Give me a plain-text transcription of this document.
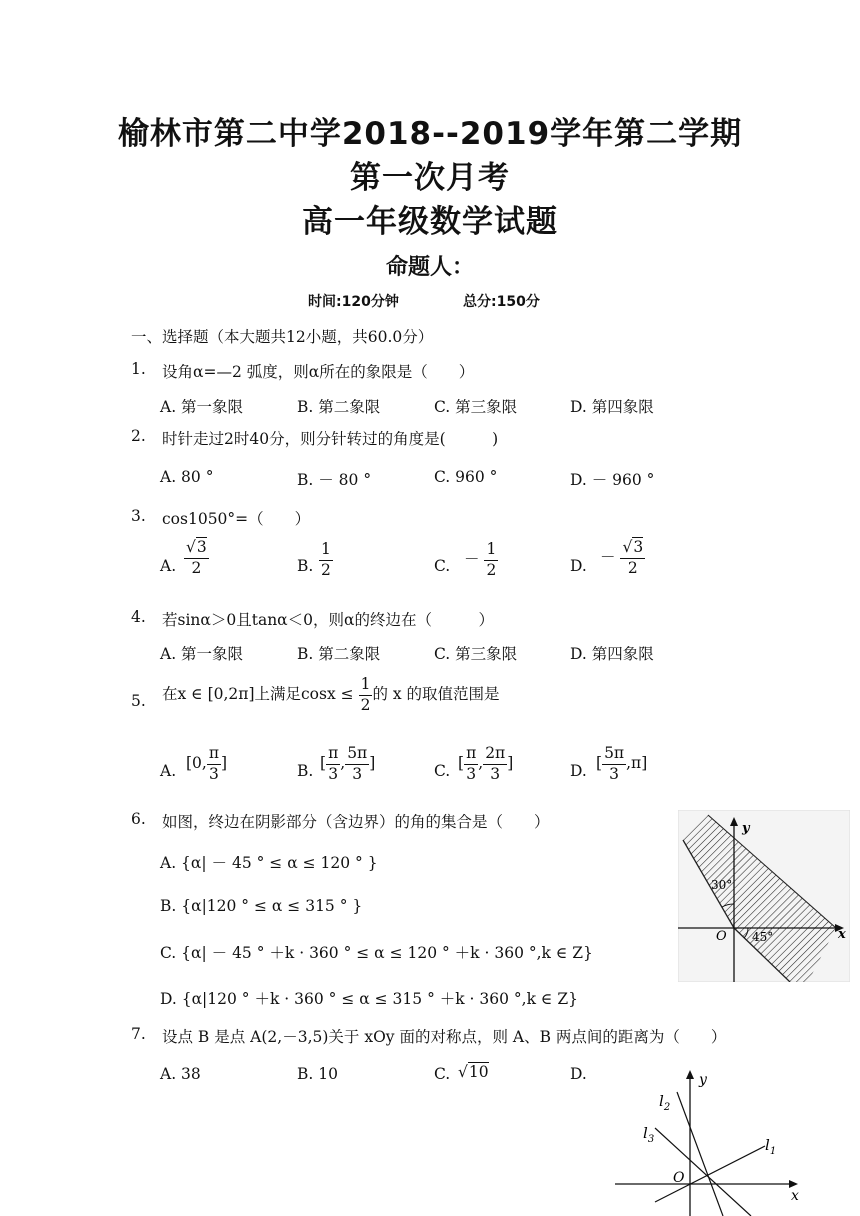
榆林市第二中学2018--2019学年第二学期
第一次月考
高一年级数学试题
命题人：
时间:120分钟	总分:150分
一、选择题（本大题共12小题，共60.0分）
1. 设角α=—2 弧度，则α所在的象限是（　　）
A. 第一象限	B. 第二象限	C. 第三象限	D. 第四象限
2. 时针走过2时40分，则分针转过的角度是(　　　)
A. 80 °	B. － 80 °	C. 960 °	D. － 960 °
3. cos1050°=（　　）
A. $\frac{√3}{2}$	B. $\frac{1}{2}$	C. － $\frac{1}{2}$	D. － $\frac{√3}{2}$
4. 若sinα＞0且tanα＜0，则α的终边在（　　　）
A. 第一象限	B. 第二象限	C. 第三象限	D. 第四象限
5. 在x ∈ [0,2π]上满足$\cos x \le \frac{1}{2}$ 的 x 的取值范围是
A. [0, $\frac{\pi}{3}$ ]	B. [ $\frac{\pi}{3}$ , $\frac{5\pi}{3}$ ]	C. [ $\frac{\pi}{3}$ , $\frac{2\pi}{3}$ ]	D. [ $\frac{5\pi}{3} ,\pi$]
6. 如图，终边在阴影部分（含边界）的角的集合是（　　）
A. {α| － 45 ° ≤ α ≤ 120 ° }
B. {α|120 ° ≤ α ≤ 315 ° }
C. {α| － 45 ° ＋k · 360 ° ≤ α ≤ 120 ° ＋k · 360 °,k ∈ Z}
D. {α|120 ° ＋k · 360 ° ≤ α ≤ 315 ° ＋k · 360 °,k ∈ Z}
y
x
O
30°
45°
7. 设点 B 是点 A(2,－3,5)关于 xOy 面的对称点，则 A、B 两点间的距离为（　　）
A. 38	B. 10	C. √10	D.	y
x
O
$l_2$
$l_3$	$l_1$
